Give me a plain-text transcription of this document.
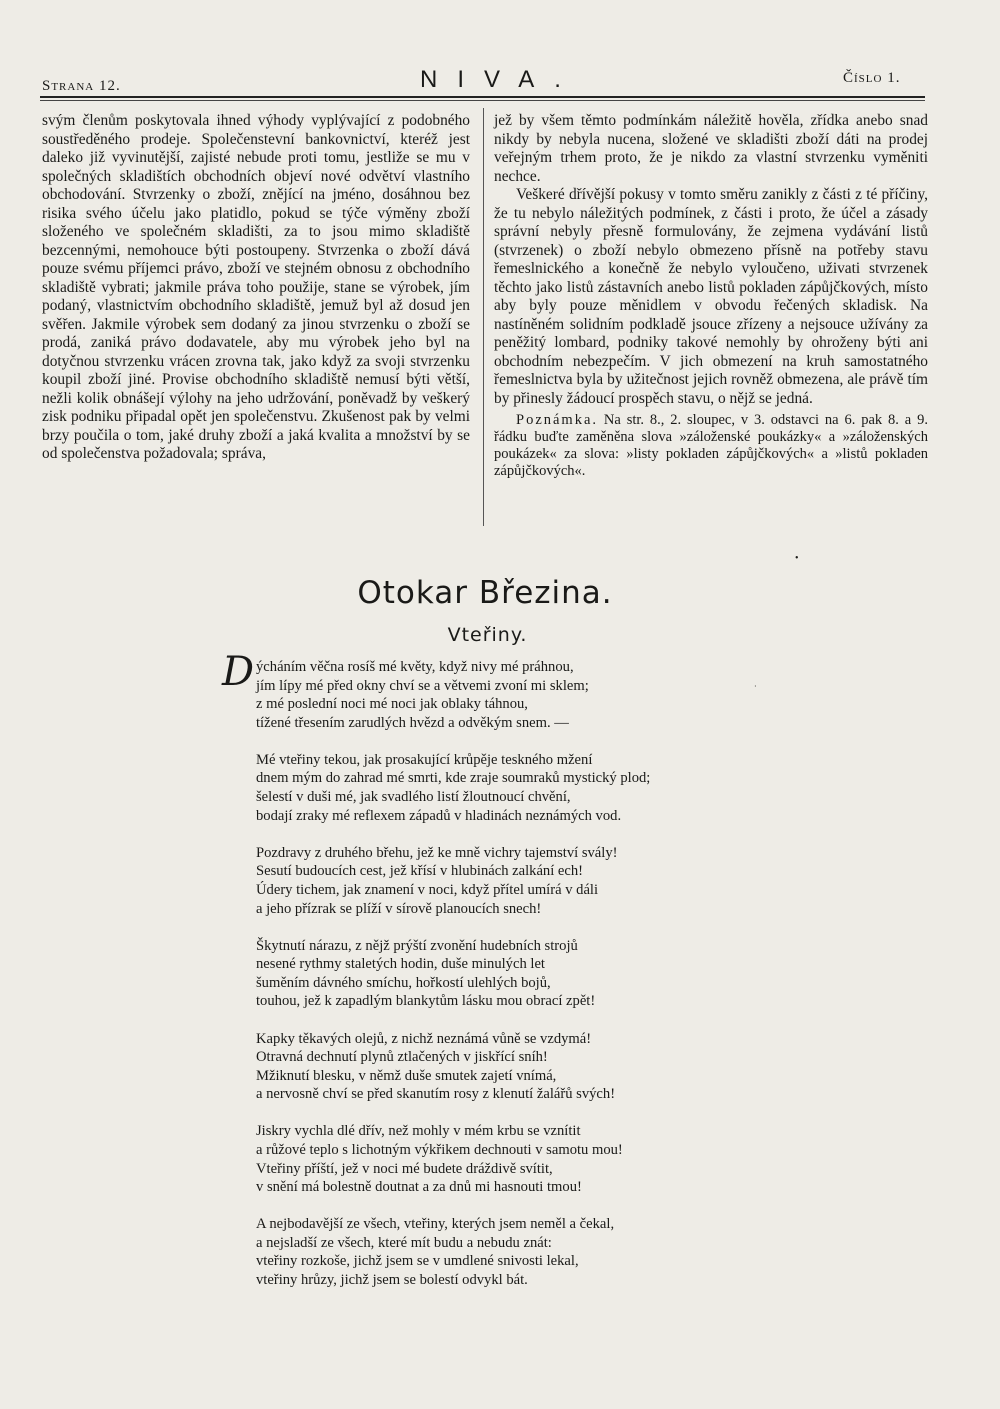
Strana 12.	NIVA.	Číslo 1.

svým členům poskytovala ihned výhody vyplývající z podobného soustředěného prodeje. Společenstevní bankovnictví, kteréž jest daleko již vyvinutější, zajisté nebude proti tomu, jestliže se mu v společných skladištích obchodních objeví nové odvětví vlastního obchodování. Stvrzenky o zboží, znějící na jméno, dosáhnou bez risika svého účelu jako platidlo, pokud se týče výměny zboží složeného ve společném skladišti, za to jsou mimo skladiště bezcennými, nemohouce býti postoupeny. Stvrzenka o zboží dává pouze svému příjemci právo, zboží ve stejném obnosu z obchodního skladiště vybrati; jakmile práva toho použije, stane se výrobek, jím podaný, vlastnictvím obchodního skladiště, jemuž byl až dosud jen svěřen. Jakmile výrobek sem dodaný za jinou stvrzenku o zboží se prodá, zaniká právo dodavatele, aby mu výrobek jeho byl na dotyčnou stvrzenku vrácen zrovna tak, jako když za svoji stvrzenku koupil zboží jiné. Provise obchodního skladiště nemusí býti větší, nežli kolik obnášejí výlohy na jeho udržování, poněvadž by veškerý zisk podniku připadal opět jen společenstvu. Zkušenost pak by velmi brzy poučila o tom, jaké druhy zboží a jaká kvalita a množství by se od společenstva požadovala; správa,

jež by všem těmto podmínkám náležitě hověla, zřídka anebo snad nikdy by nebyla nucena, složené ve skladišti zboží dáti na prodej veřejným trhem proto, že je nikdo za vlastní stvrzenku vyměniti nechce.

Veškeré dřívější pokusy v tomto směru zanikly z části z té příčiny, že tu nebylo náležitých podmínek, z části i proto, že účel a zásady správní nebyly přesně formulovány, že zejmena vydávání listů (stvrzenek) o zboží nebylo obmezeno přísně na potřeby stavu řemeslnického a konečně že nebylo vyloučeno, uživati stvrzenek těchto jako listů zástavních anebo listů pokladen zápůjčkových, místo aby byly pouze měnidlem v obvodu řečených skladisk. Na nastíněném solidním podkladě jsouce zřízeny a nejsouce užívány za peněžitý lombard, podniky takové nemohly by ohroženy býti ani obchodním nebezpečím. V jich obmezení na kruh samostatného řemeslnictva byla by užitečnost jejich rovněž obmezena, ale právě tím by přinesly žádoucí prospěch stavu, o nějž se jedná.

Poznámka. Na str. 8., 2. sloupec, v 3. odstavci na 6. pak 8. a 9. řádku buďte zaměněna slova »záloženské poukázky« a »záloženských poukázek« za slova: »listy pokladen zápůjčkových« a »listů pokladen zápůjčkových«.

•
Otokar Březina.
Vteřiny.
D ýcháním věčna rosíš mé květy, když nivy mé práhnou,
jím lípy mé před okny chví se a větvemi zvoní mi sklem;
z mé poslední noci mé noci jak oblaky táhnou,
tížené třesením zarudlých hvězd a odvěkým snem. —
Mé vteřiny tekou, jak prosakující krůpěje teskného mžení
dnem mým do zahrad mé smrti, kde zraje soumraků mystický plod;
šelestí v duši mé, jak svadlého listí žloutnoucí chvění,
bodají zraky mé reflexem západů v hladinách neznámých vod.
Pozdravy z druhého břehu, jež ke mně vichry tajemství svály!
Sesutí budoucích cest, jež křísí v hlubinách zalkání ech!
Údery tichem, jak znamení v noci, když přítel umírá v dáli
a jeho přízrak se plíží v sírově planoucích snech!
Škytnutí nárazu, z nějž prýští zvonění hudebních strojů
nesené rythmy staletých hodin, duše minulých let
šuměním dávného smíchu, hořkostí ulehlých bojů,
touhou, jež k zapadlým blankytům lásku mou obrací zpět!
Kapky těkavých olejů, z nichž neznámá vůně se vzdymá!
Otravná dechnutí plynů ztlačených v jiskřící sníh!
Mžiknutí blesku, v němž duše smutek zajetí vnímá,
a nervosně chví se před skanutím rosy z klenutí žalářů svých!
Jiskry vychla dlé dřív, než mohly v mém krbu se vznítit
a růžové teplo s lichotným výkřikem dechnouti v samotu mou!
Vteřiny příští, jež v noci mé budete dráždivě svítit,
v snění má bolestně doutnat a za dnů mi hasnouti tmou!
A nejbodavější ze všech, vteřiny, kterých jsem neměl a čekal,
a nejsladší ze všech, které mít budu a nebudu znát:
vteřiny rozkoše, jichž jsem se v umdlené snivosti lekal,
vteřiny hrůzy, jichž jsem se bolestí odvykl bát.
·
